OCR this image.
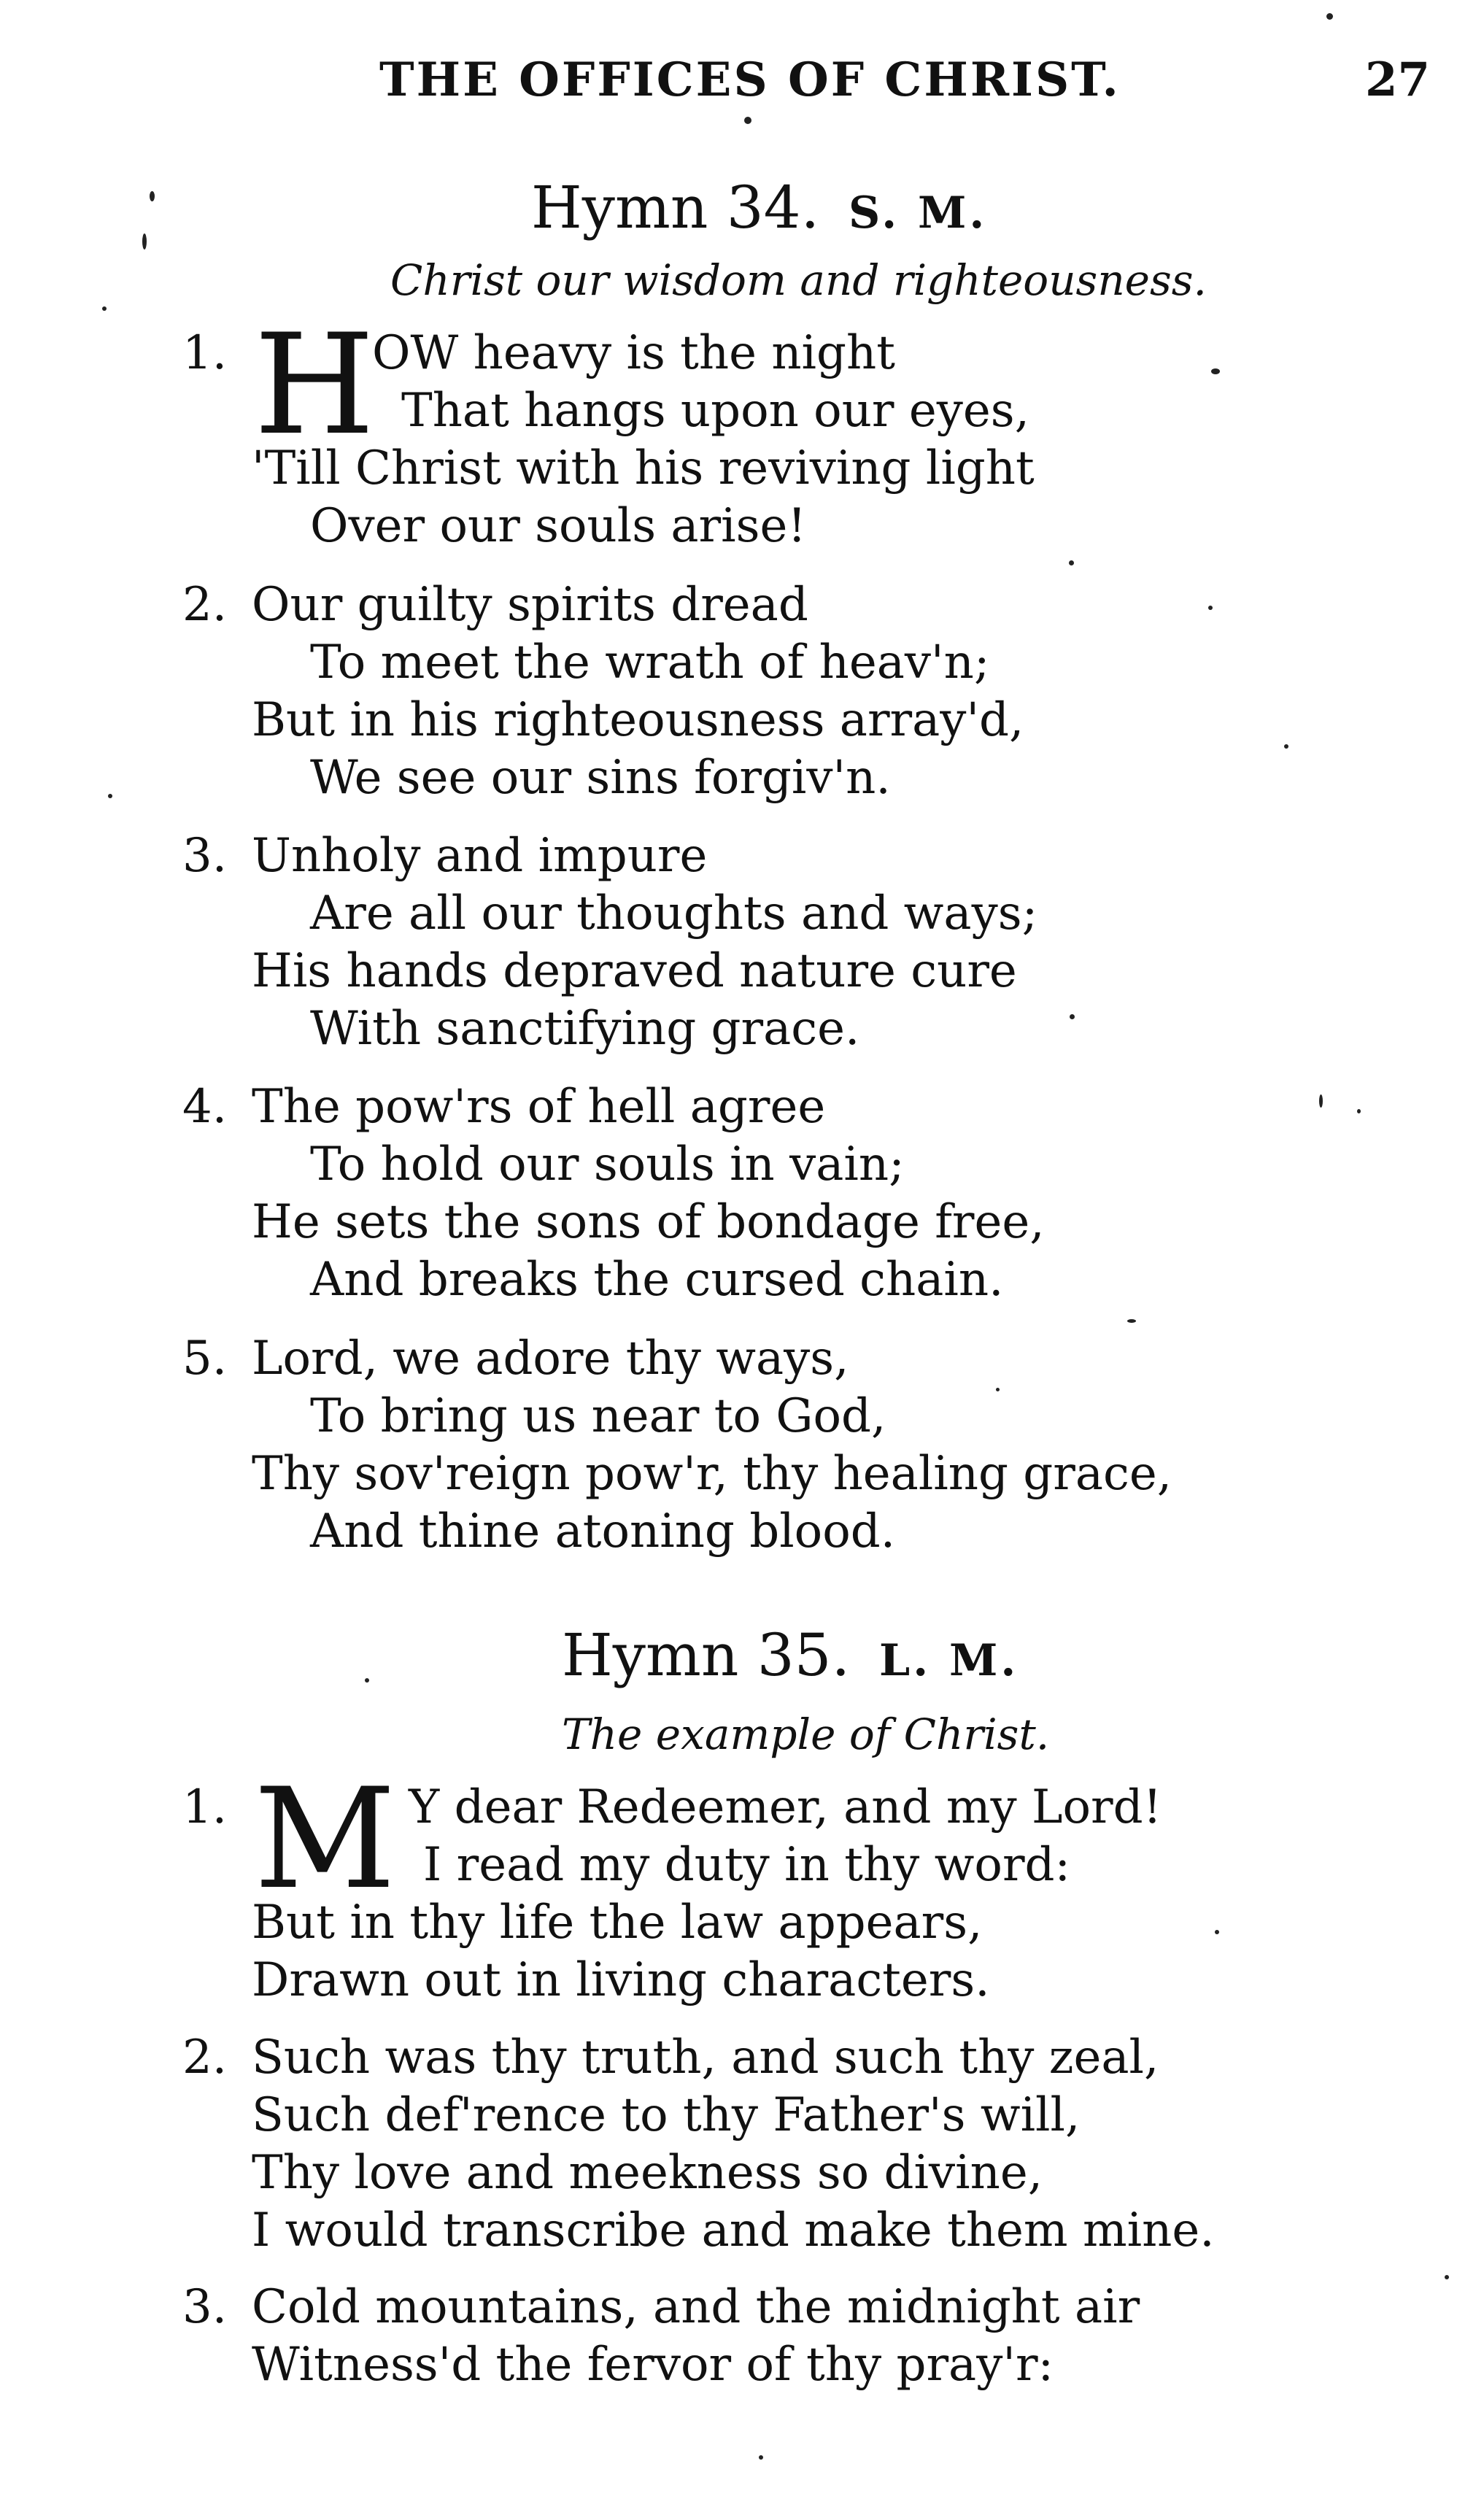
THE OFFICES OF CHRIST.	27
Hymn 34. S. M.
Christ our wisdom and righteousness.
1. H
OW heavy is the night
That hangs upon our eyes,
'Till Christ with his reviving light
Over our souls arise!
2. Our guilty spirits dread
To meet the wrath of heav'n;
But in his righteousness array'd,
We see our sins forgiv'n.
3. Unholy and impure
Are all our thoughts and ways;
His hands depraved nature cure
With sanctifying grace.
4. The pow'rs of hell agree
To hold our souls in vain;
He sets the sons of bondage free,
And breaks the cursed chain.
5. Lord, we adore thy ways,
To bring us near to God,
Thy sov'reign pow'r, thy healing grace,
And thine atoning blood.
Hymn 35. L. M.
The example of Christ.
1. M Y dear Redeemer, and my Lord!
I read my duty in thy word:
But in thy life the law appears,
Drawn out in living characters.
2. Such was thy truth, and such thy zeal,
Such def'rence to thy Father's will,
Thy love and meekness so divine,
I would transcribe and make them mine.
3. Cold mountains, and the midnight air
Witness'd the fervor of thy pray'r:
